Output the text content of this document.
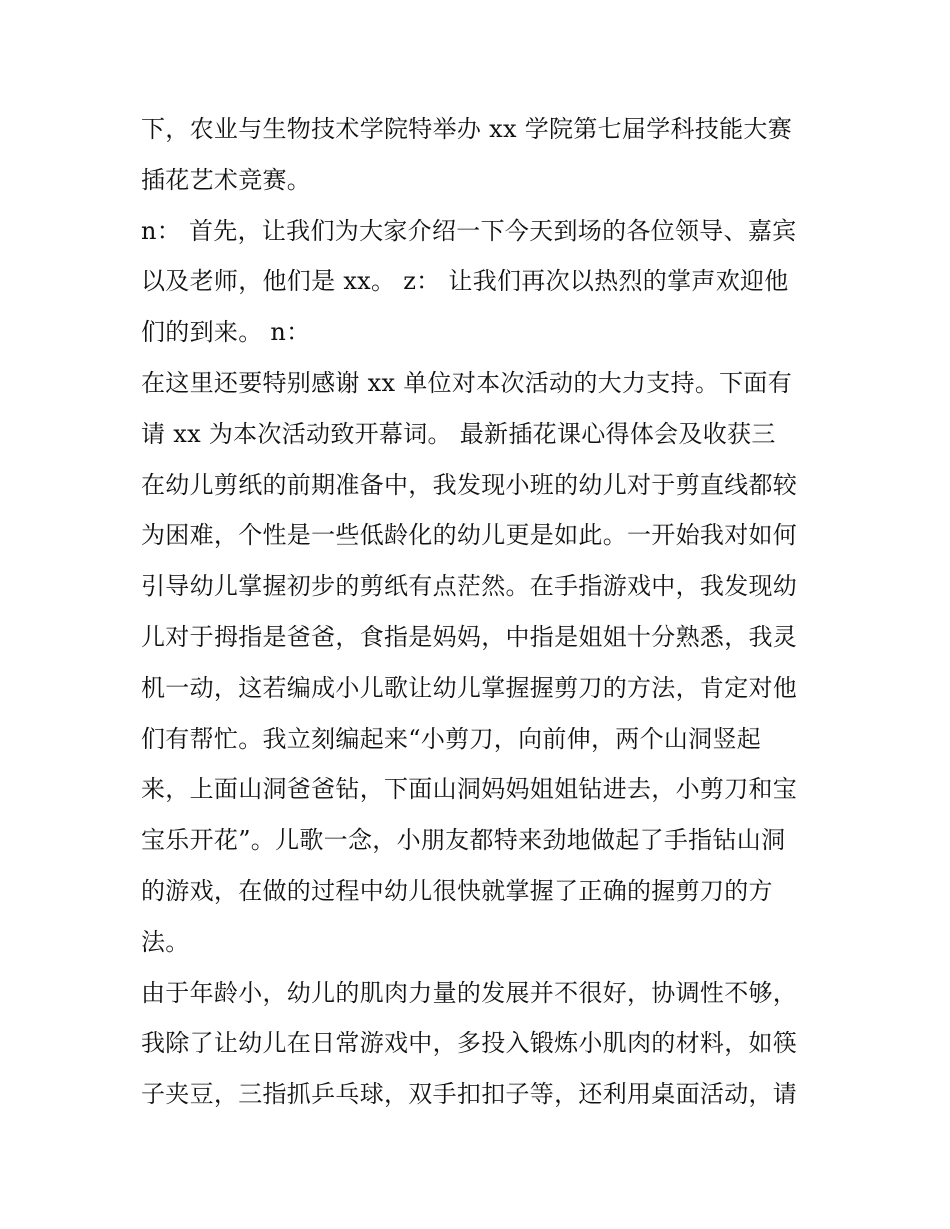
下，农业与生物技术学院特举办 xx 学院第七届学科技能大赛
插花艺术竞赛。
n： 首先，让我们为大家介绍一下今天到场的各位领导、嘉宾
以及老师，他们是 xx。 z： 让我们再次以热烈的掌声欢迎他
们的到来。 n：
在这里还要特别感谢 xx 单位对本次活动的大力支持。下面有
请 xx 为本次活动致开幕词。 最新插花课心得体会及收获三
在幼儿剪纸的前期准备中，我发现小班的幼儿对于剪直线都较
为困难，个性是一些低龄化的幼儿更是如此。一开始我对如何
引导幼儿掌握初步的剪纸有点茫然。在手指游戏中，我发现幼
儿对于拇指是爸爸，食指是妈妈，中指是姐姐十分熟悉，我灵
机一动，这若编成小儿歌让幼儿掌握握剪刀的方法，肯定对他
们有帮忙。我立刻编起来“小剪刀，向前伸，两个山洞竖起
来，上面山洞爸爸钻，下面山洞妈妈姐姐钻进去，小剪刀和宝
宝乐开花”。儿歌一念，小朋友都特来劲地做起了手指钻山洞
的游戏，在做的过程中幼儿很快就掌握了正确的握剪刀的方
法。
由于年龄小，幼儿的肌肉力量的发展并不很好，协调性不够，
我除了让幼儿在日常游戏中，多投入锻炼小肌肉的材料，如筷
子夹豆，三指抓乒乓球，双手扣扣子等，还利用桌面活动，请
